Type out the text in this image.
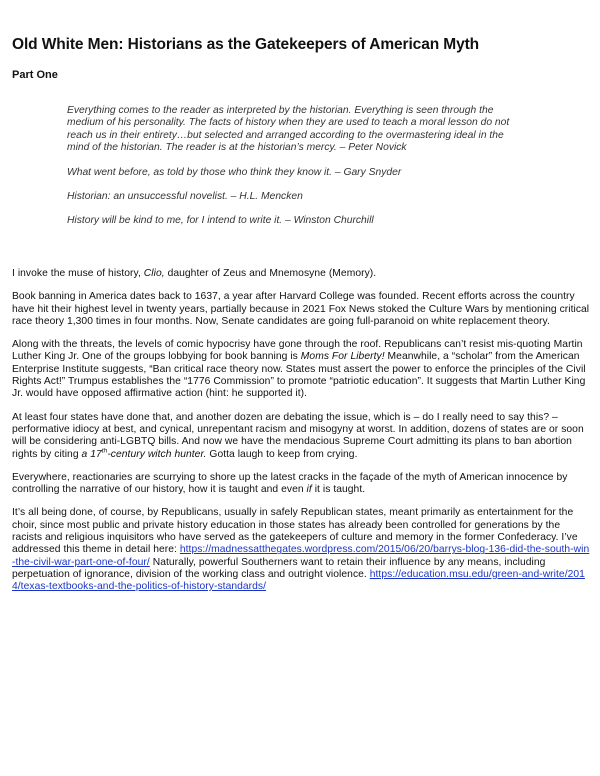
Old White Men: Historians as the Gatekeepers of American Myth
Part One

Everything comes to the reader as interpreted by the historian. Everything is seen through the medium of his personality. The facts of history when they are used to teach a moral lesson do not reach us in their entirety…but selected and arranged according to the overmastering ideal in the mind of the historian. The reader is at the historian’s mercy. – Peter Novick

What went before, as told by those who think they know it. – Gary Snyder

Historian: an unsuccessful novelist. – H.L. Mencken

History will be kind to me, for I intend to write it. – Winston Churchill

I invoke the muse of history, Clio, daughter of Zeus and Mnemosyne (Memory).

Book banning in America dates back to 1637, a year after Harvard College was founded. Recent efforts across the country have hit their highest level in twenty years, partially because in 2021 Fox News stoked the Culture Wars by mentioning critical race theory 1,300 times in four months. Now, Senate candidates are going full-paranoid on white replacement theory.

Along with the threats, the levels of comic hypocrisy have gone through the roof. Republicans can’t resist mis-quoting Martin Luther King Jr. One of the groups lobbying for book banning is Moms For Liberty! Meanwhile, a “scholar” from the American Enterprise Institute suggests, “Ban critical race theory now. States must assert the power to enforce the principles of the Civil Rights Act!” Trumpus establishes the “1776 Commission” to promote “patriotic education”. It suggests that Martin Luther King Jr. would have opposed affirmative action (hint: he supported it).

At least four states have done that, and another dozen are debating the issue, which is – do I really need to say this? – performative idiocy at best, and cynical, unrepentant racism and misogyny at worst. In addition, dozens of states are or soon will be considering anti-LGBTQ bills. And now we have the mendacious Supreme Court admitting its plans to ban abortion rights by citing a 17th-century witch hunter. Gotta laugh to keep from crying.

Everywhere, reactionaries are scurrying to shore up the latest cracks in the façade of the myth of American innocence by controlling the narrative of our history, how it is taught and even if it is taught.

It’s all being done, of course, by Republicans, usually in safely Republican states, meant primarily as entertainment for the choir, since most public and private history education in those states has already been controlled for generations by the racists and religious inquisitors who have served as the gatekeepers of culture and memory in the former Confederacy. I’ve addressed this theme in detail here: https://madnessatthegates.wordpress.com/2015/06/20/barrys-blog-136-did-the-south-win-the-civil-war-part-one-of-four/ Naturally, powerful Southerners want to retain their influence by any means, including perpetuation of ignorance, division of the working class and outright violence. https://education.msu.edu/green-and-write/2014/texas-textbooks-and-the-politics-of-history-standards/
